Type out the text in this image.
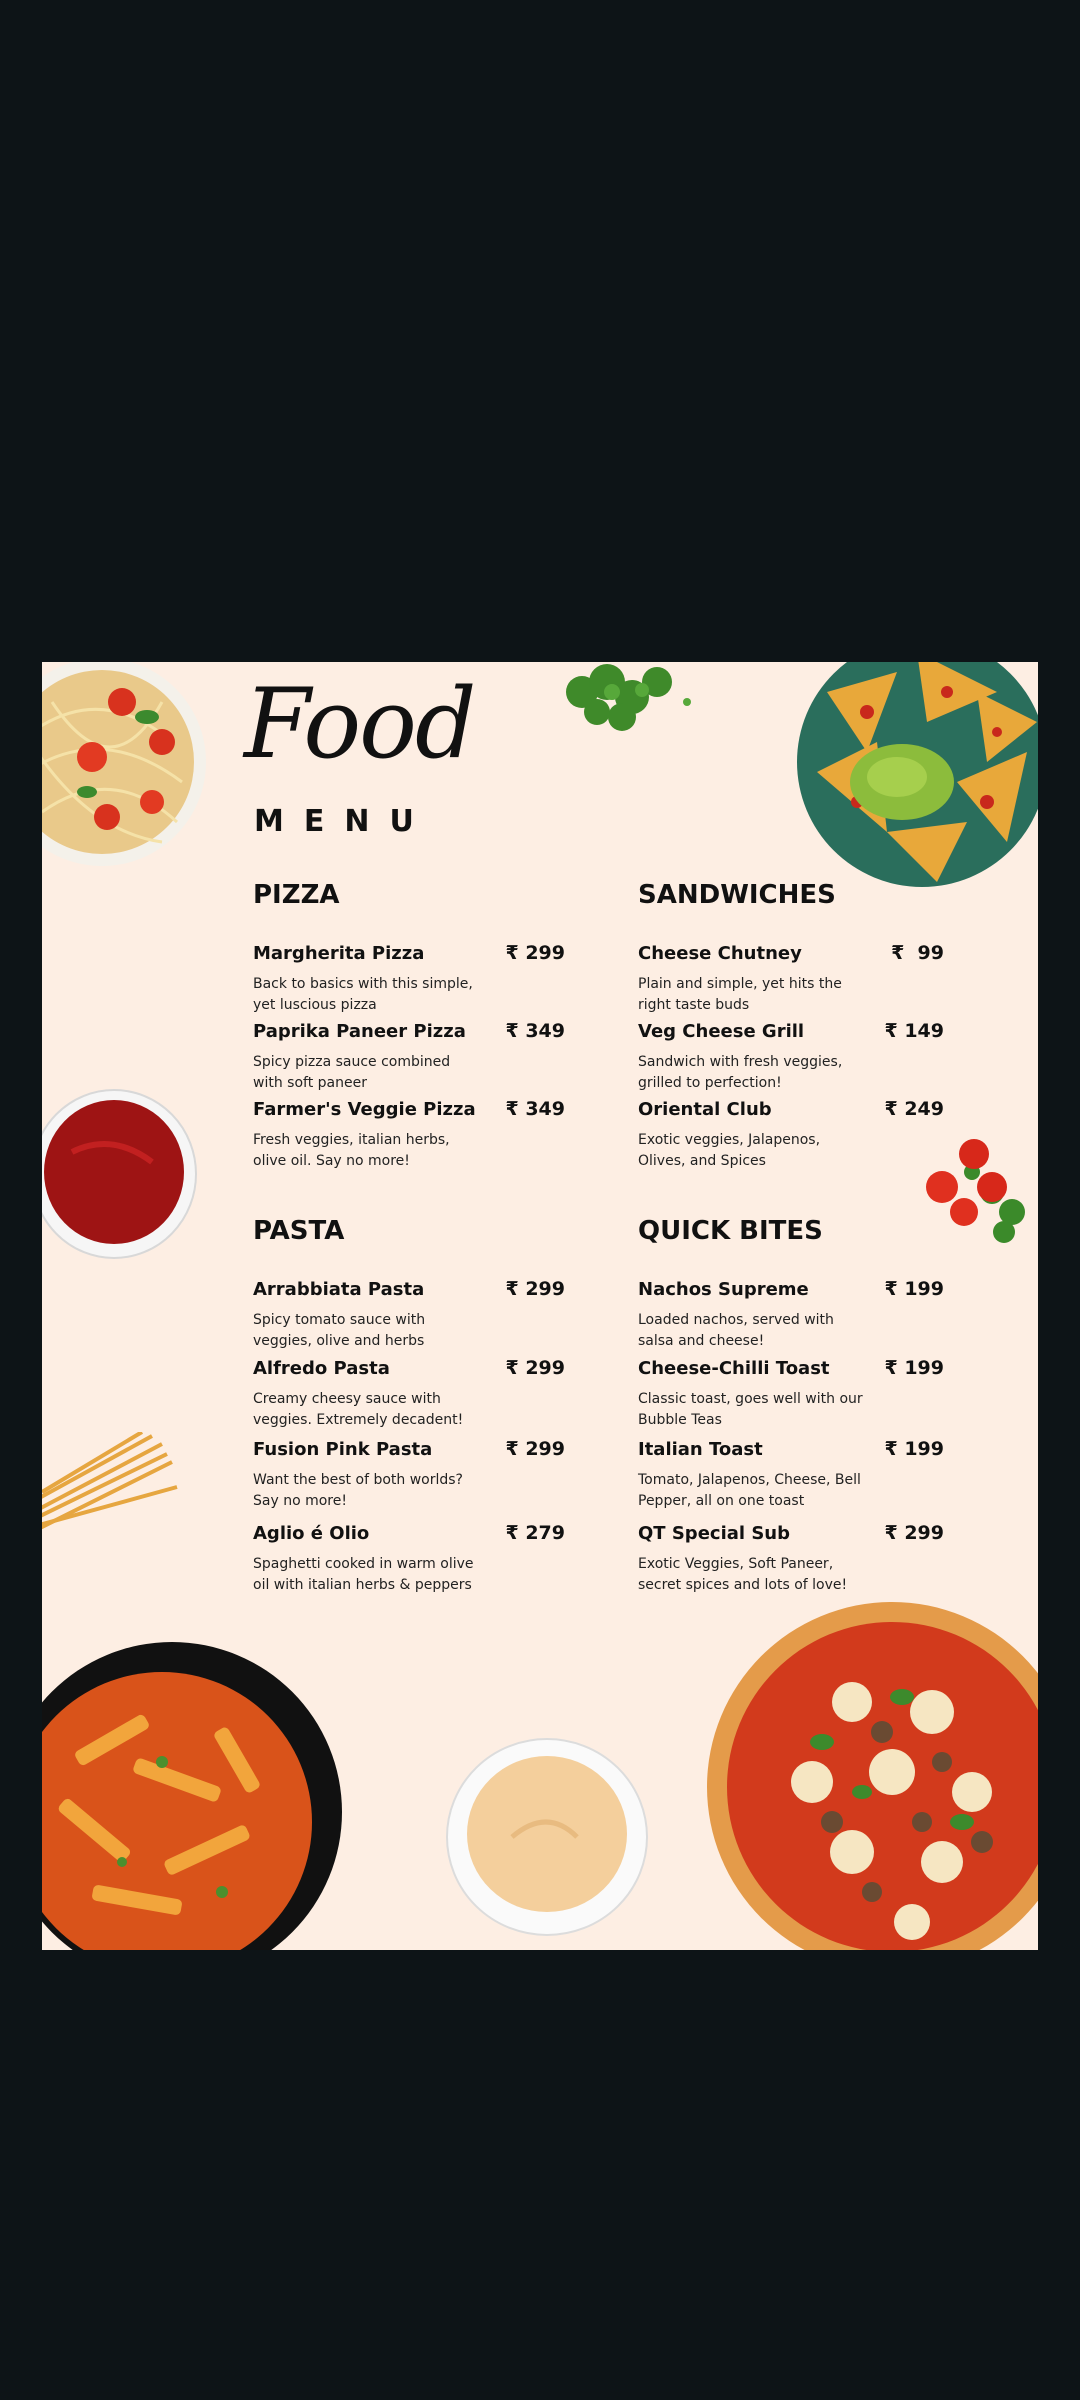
Food
MENU
PIZZA
Margherita Pizza	₹ 299
Back to basics with this simple, yet luscious pizza
Paprika Paneer Pizza ₹ 349
Spicy pizza sauce combined with soft paneer
Farmer's Veggie Pizza ₹ 349
Fresh veggies, italian herbs, olive oil. Say no more!
SANDWICHES
Cheese Chutney	₹  99
Plain and simple, yet hits the right taste buds
Veg Cheese Grill	₹ 149
Sandwich with fresh veggies, grilled to perfection!
Oriental Club	₹ 249
Exotic veggies, Jalapenos, Olives, and Spices
PASTA
Arrabbiata Pasta	₹ 299
Spicy tomato sauce with veggies, olive and herbs
Alfredo Pasta	₹ 299
Creamy cheesy sauce with veggies. Extremely decadent!
Fusion Pink Pasta	₹ 299
Want the best of both worlds? Say no more!
Aglio é Olio	₹ 279
Spaghetti cooked in warm olive oil with italian herbs & peppers
QUICK BITES
Nachos Supreme	₹ 199
Loaded nachos, served with salsa and cheese!
Cheese-Chilli Toast	₹ 199
Classic toast, goes well with our Bubble Teas
Italian Toast	₹ 199
Tomato, Jalapenos, Cheese, Bell Pepper, all on one toast
QT Special Sub	₹ 299
Exotic Veggies, Soft Paneer, secret spices and lots of love!
